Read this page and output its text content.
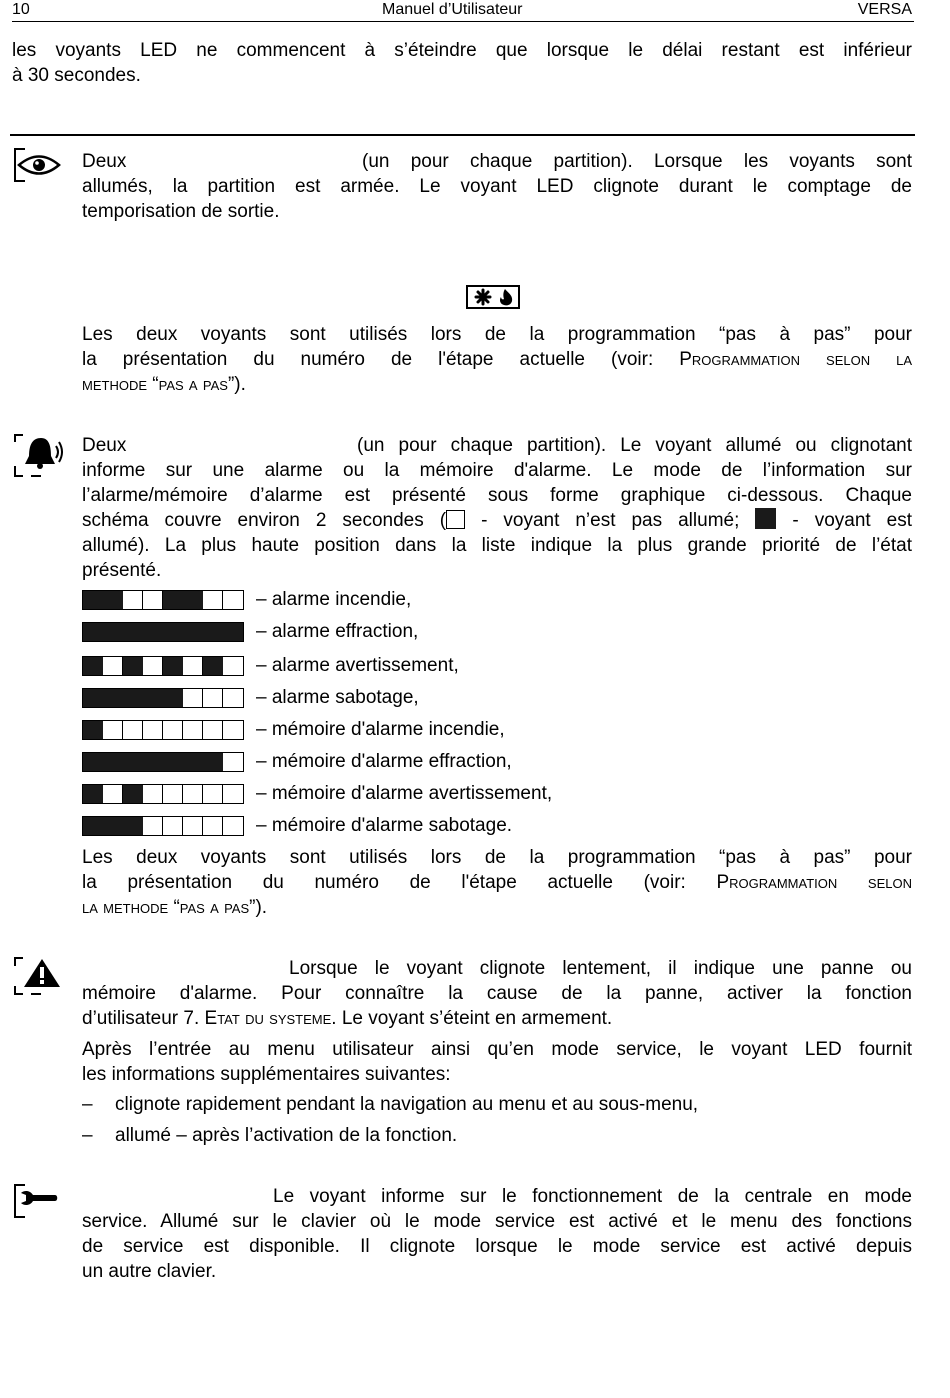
10	Manuel d’Utilisateur	VERSA
les voyants LED ne commencent à s’éteindre que lorsque le délai restant est inférieur
à 30 secondes.
Deux	(un pour chaque partition). Lorsque les voyants sont
allumés, la partition est armée. Le voyant LED clignote durant le comptage de
temporisation de sortie.
Les deux voyants sont utilisés lors de la programmation “pas à pas” pour
la présentation du numéro de l'étape actuelle (voir: Programmation selon la
methode “pas a pas”).
Deux	(un pour chaque partition). Le voyant allumé ou clignotant
informe sur une alarme ou la mémoire d'alarme. Le mode de l’information sur
l’alarme/mémoire d’alarme est présenté sous forme graphique ci-dessous. Chaque
schéma couvre environ 2 secondes ( - voyant n’est pas allumé;  - voyant est
allumé). La plus haute position dans la liste indique la plus grande priorité de l’état
présenté.
– alarme incendie,
– alarme effraction,
– alarme avertissement,
– alarme sabotage,
– mémoire d'alarme incendie,
– mémoire d'alarme effraction,
– mémoire d'alarme avertissement,
– mémoire d'alarme sabotage.
Les deux voyants sont utilisés lors de la programmation “pas à pas” pour
la présentation du numéro de l'étape actuelle (voir: Programmation selon
la methode “pas a pas”).
Lorsque le voyant clignote lentement, il indique une panne ou
mémoire d'alarme. Pour connaître la cause de la panne, activer la fonction
d’utilisateur 7. Etat du systeme. Le voyant s’éteint en armement.
Après l’entrée au menu utilisateur ainsi qu’en mode service, le voyant LED fournit
les informations supplémentaires suivantes:
– clignote rapidement pendant la navigation au menu et au sous-menu,
– allumé – après l’activation de la fonction.
Le voyant informe sur le fonctionnement de la centrale en mode
service. Allumé sur le clavier où le mode service est activé et le menu des fonctions
de service est disponible. Il clignote lorsque le mode service est activé depuis
un autre clavier.
